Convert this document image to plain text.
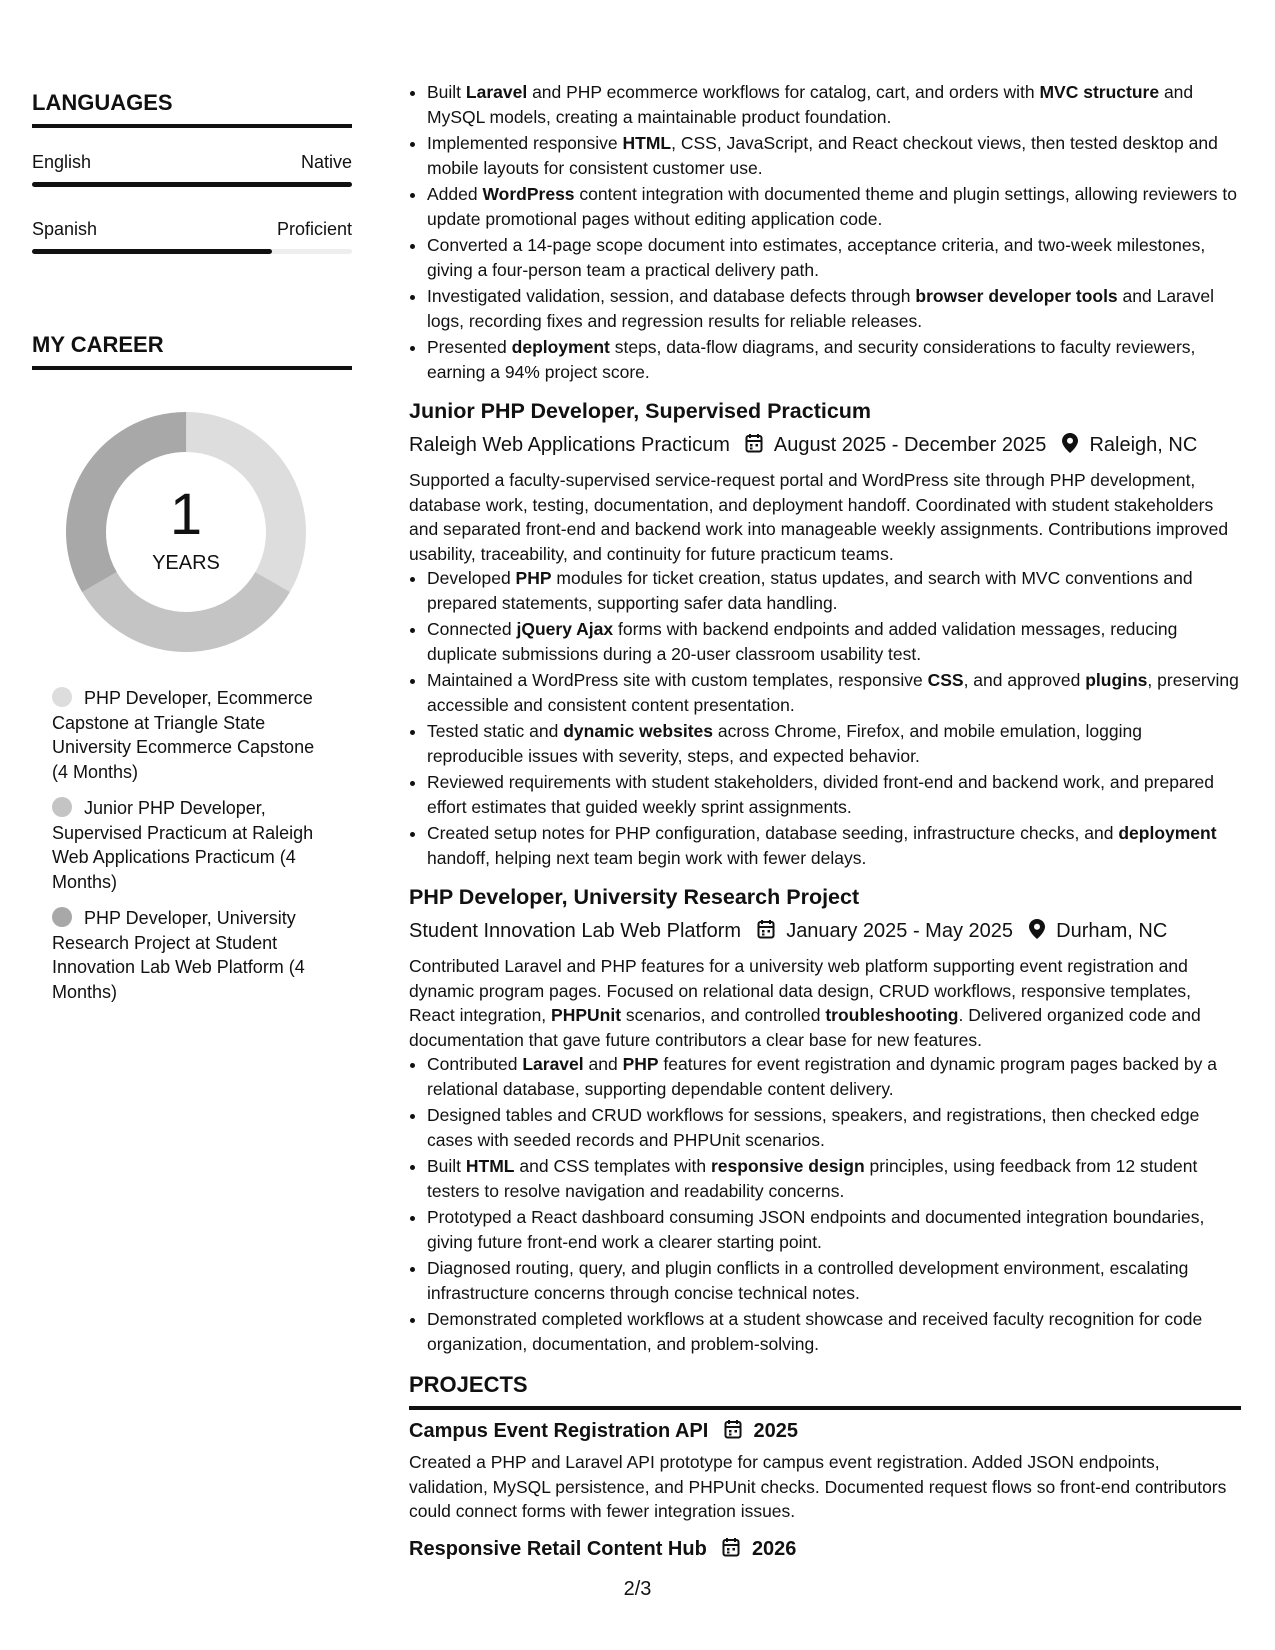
LANGUAGES
English	Native
Spanish	Proficient
MY CAREER
1
YEARS
PHP Developer, Ecommerce Capstone at Triangle State University Ecommerce Capstone (4 Months)
Junior PHP Developer, Supervised Practicum at Raleigh Web Applications Practicum (4 Months)
PHP Developer, University Research Project at Student Innovation Lab Web Platform (4 Months)
• Built Laravel and PHP ecommerce workflows for catalog, cart, and orders with MVC structure and MySQL models, creating a maintainable product foundation.
• Implemented responsive HTML, CSS, JavaScript, and React checkout views, then tested desktop and mobile layouts for consistent customer use.
• Added WordPress content integration with documented theme and plugin settings, allowing reviewers to update promotional pages without editing application code.
• Converted a 14-page scope document into estimates, acceptance criteria, and two-week milestones, giving a four-person team a practical delivery path.
• Investigated validation, session, and database defects through browser developer tools and Laravel logs, recording fixes and regression results for reliable releases.
• Presented deployment steps, data-flow diagrams, and security considerations to faculty reviewers, earning a 94% project score.
Junior PHP Developer, Supervised Practicum
Raleigh Web Applications Practicum August 2025 - December 2025 Raleigh, NC

Supported a faculty-supervised service-request portal and WordPress site through PHP development, database work, testing, documentation, and deployment handoff. Coordinated with student stakeholders and separated front-end and backend work into manageable weekly assignments. Contributions improved usability, traceability, and continuity for future practicum teams.

• Developed PHP modules for ticket creation, status updates, and search with MVC conventions and prepared statements, supporting safer data handling.
• Connected jQuery Ajax forms with backend endpoints and added validation messages, reducing duplicate submissions during a 20-user classroom usability test.
• Maintained a WordPress site with custom templates, responsive CSS, and approved plugins, preserving accessible and consistent content presentation.
• Tested static and dynamic websites across Chrome, Firefox, and mobile emulation, logging reproducible issues with severity, steps, and expected behavior.
• Reviewed requirements with student stakeholders, divided front-end and backend work, and prepared effort estimates that guided weekly sprint assignments.
• Created setup notes for PHP configuration, database seeding, infrastructure checks, and deployment handoff, helping next team begin work with fewer delays.
PHP Developer, University Research Project
Student Innovation Lab Web Platform January 2025 - May 2025 Durham, NC

Contributed Laravel and PHP features for a university web platform supporting event registration and dynamic program pages. Focused on relational data design, CRUD workflows, responsive templates, React integration, PHPUnit scenarios, and controlled troubleshooting. Delivered organized code and documentation that gave future contributors a clear base for new features.

• Contributed Laravel and PHP features for event registration and dynamic program pages backed by a relational database, supporting dependable content delivery.
• Designed tables and CRUD workflows for sessions, speakers, and registrations, then checked edge cases with seeded records and PHPUnit scenarios.
• Built HTML and CSS templates with responsive design principles, using feedback from 12 student testers to resolve navigation and readability concerns.
• Prototyped a React dashboard consuming JSON endpoints and documented integration boundaries, giving future front-end work a clearer starting point.
• Diagnosed routing, query, and plugin conflicts in a controlled development environment, escalating infrastructure concerns through concise technical notes.
• Demonstrated completed workflows at a student showcase and received faculty recognition for code organization, documentation, and problem-solving.
PROJECTS
Campus Event Registration API 2025

Created a PHP and Laravel API prototype for campus event registration. Added JSON endpoints, validation, MySQL persistence, and PHPUnit checks. Documented request flows so front-end contributors could connect forms with fewer integration issues.

Responsive Retail Content Hub 2026
2/3
